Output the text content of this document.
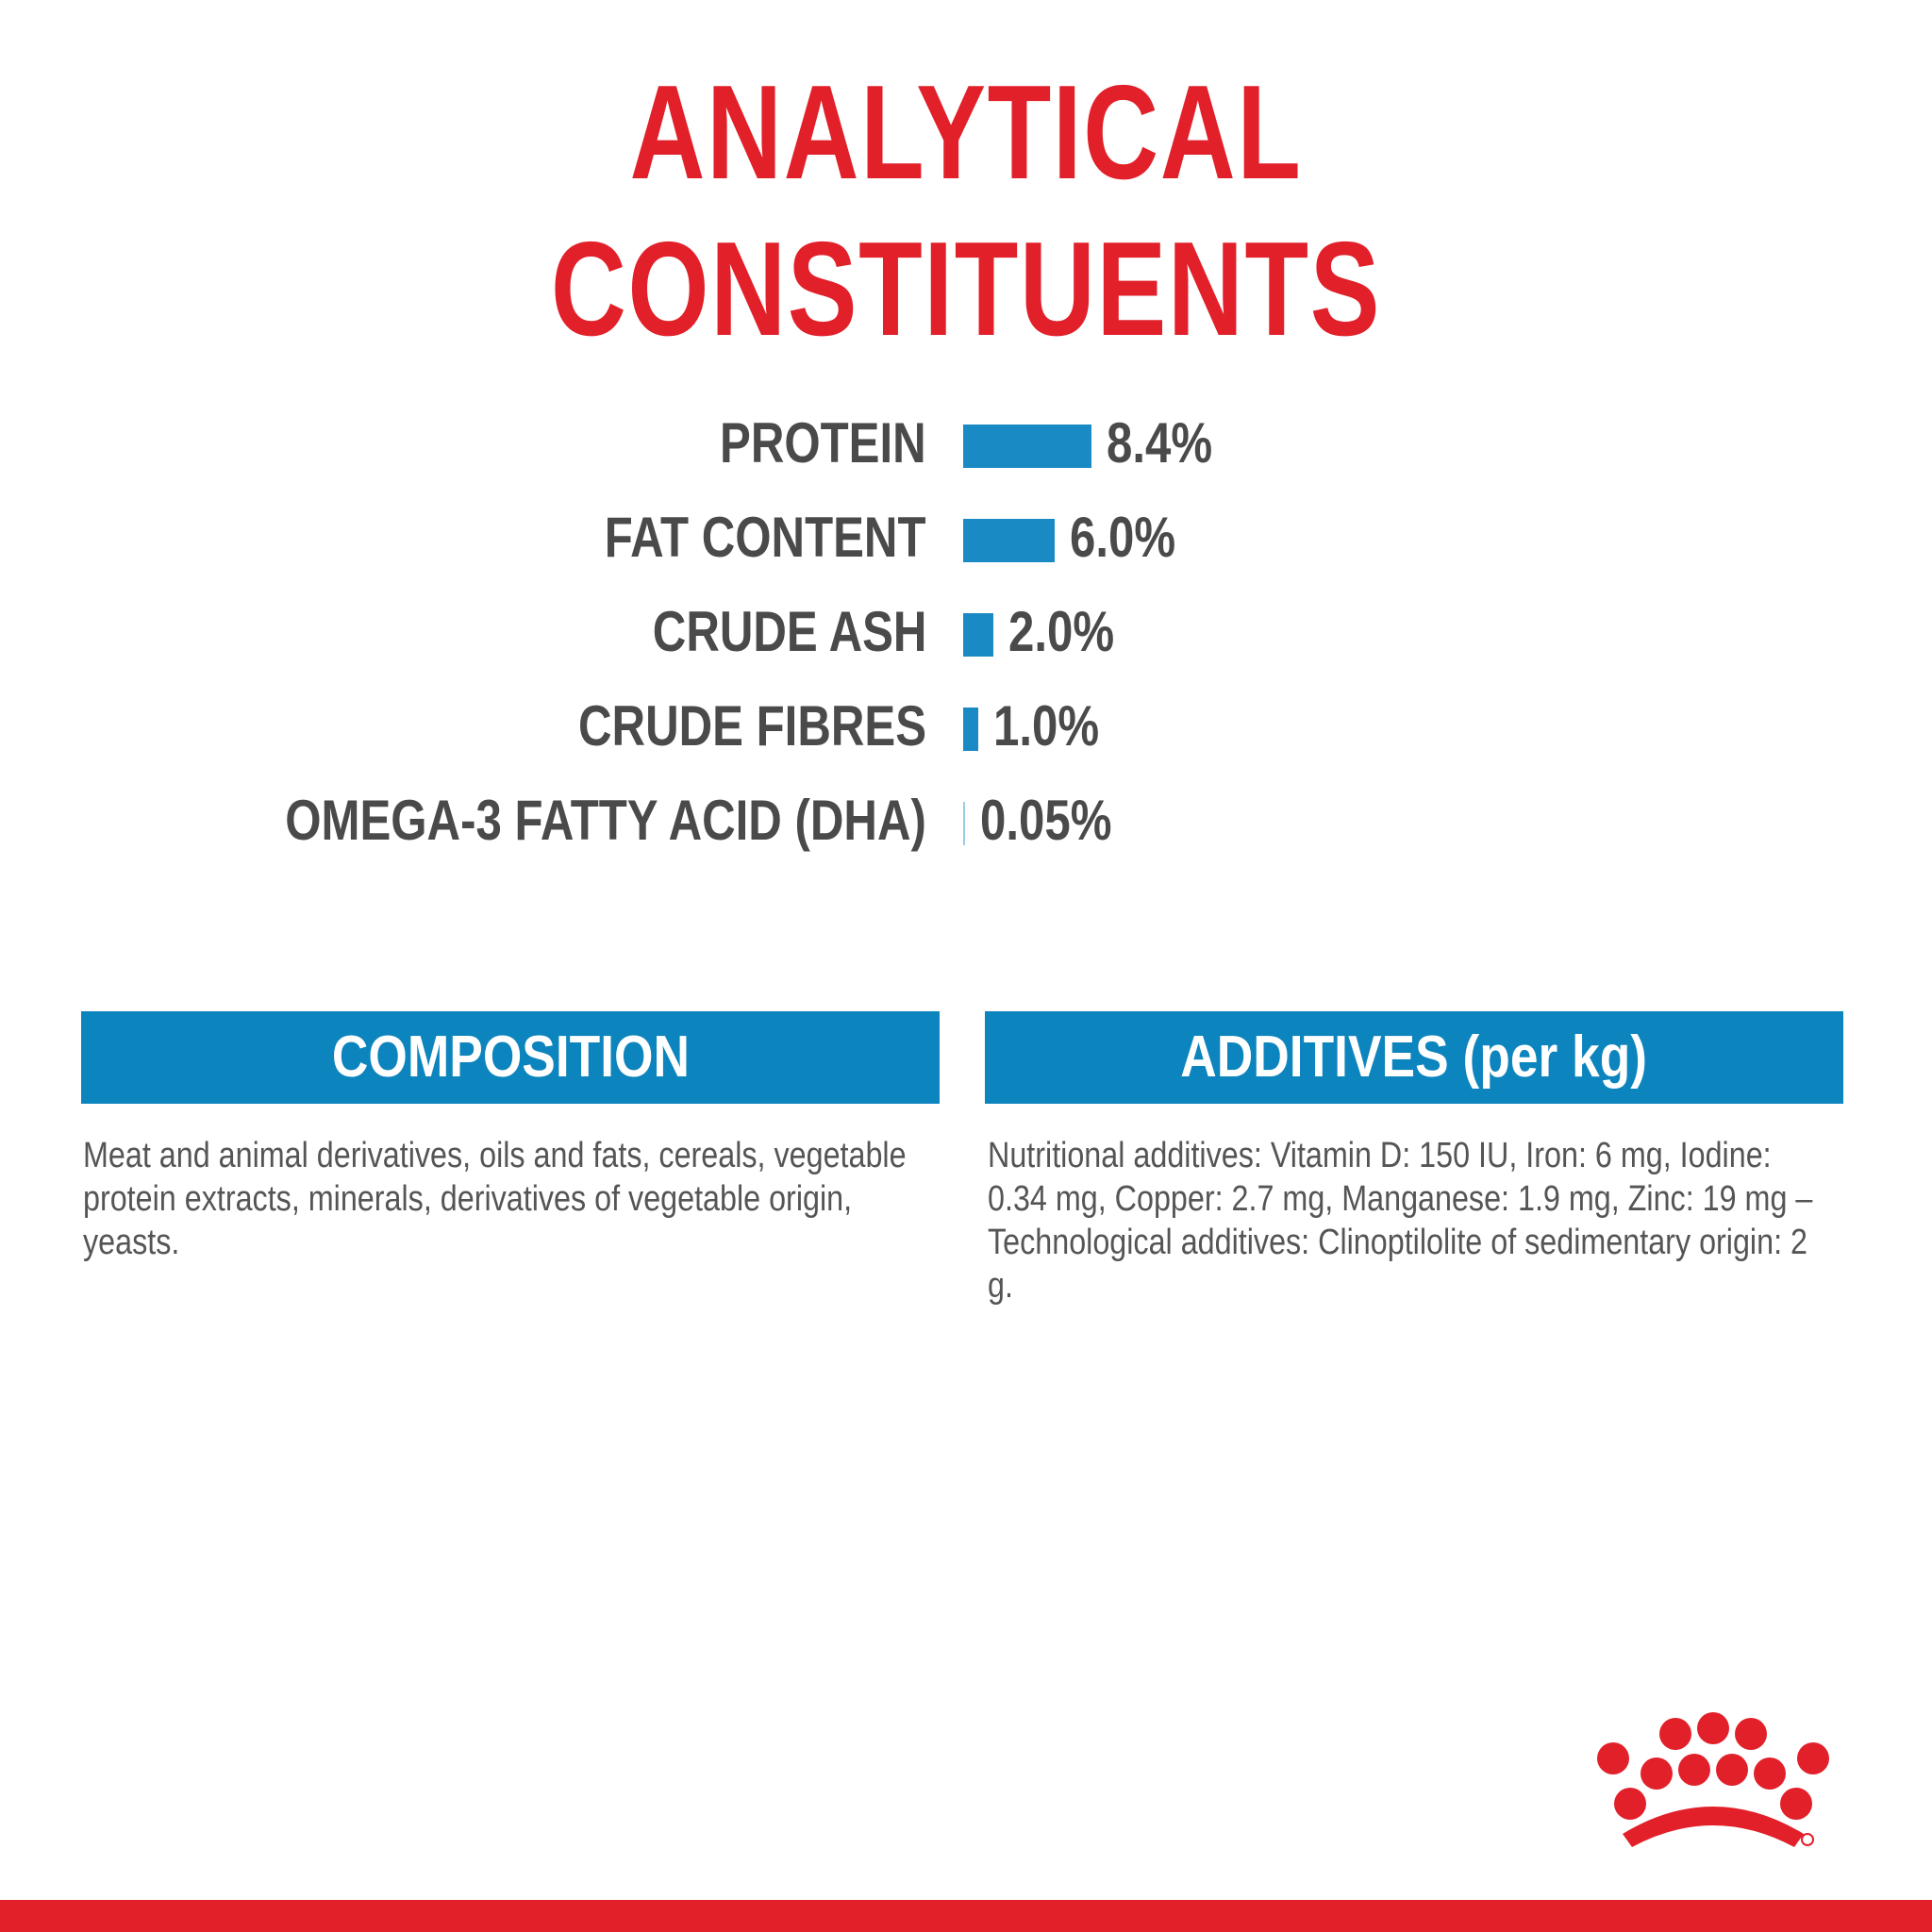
ANALYTICAL
CONSTITUENTS
PROTEIN	8.4%
FAT CONTENT	6.0%
CRUDE ASH 2.0%
CRUDE FIBRES 1.0%
OMEGA-3 FATTY ACID (DHA) 0.05%
COMPOSITION
Meat and animal derivatives, oils and fats, cereals, vegetable protein extracts, minerals, derivatives of vegetable origin, yeasts.
ADDITIVES (per kg)
Nutritional additives: Vitamin D: 150 IU, Iron: 6 mg, Iodine: 0.34 mg, Copper: 2.7 mg, Manganese: 1.9 mg, Zinc: 19 mg – Technological additives: Clinoptilolite of sedimentary origin: 2 g.
